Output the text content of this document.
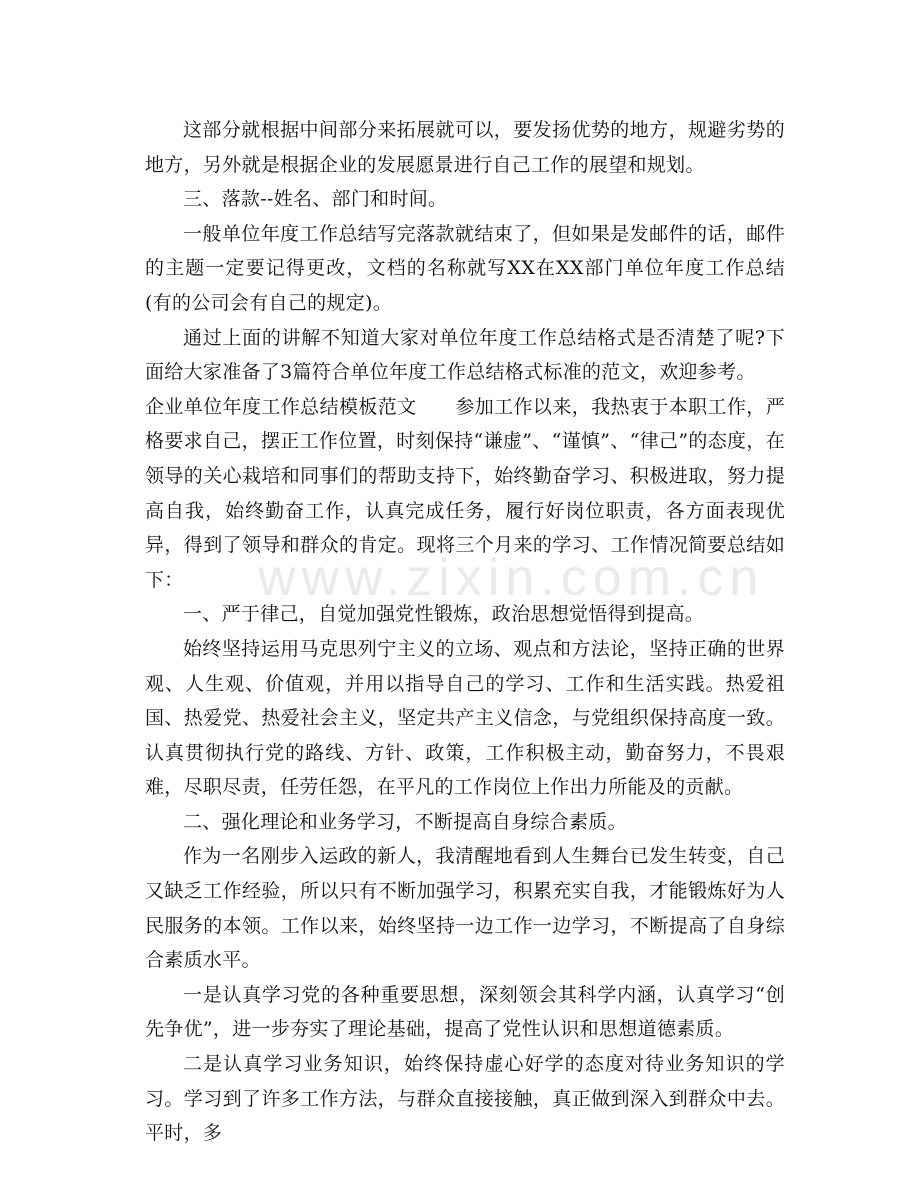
这部分就根据中间部分来拓展就可以，要发扬优势的地方，规避劣势的地方，另外就是根据企业的发展愿景进行自己工作的展望和规划。

三、落款--姓名、部门和时间。

一般单位年度工作总结写完落款就结束了，但如果是发邮件的话，邮件的主题一定要记得更改，文档的名称就写XX在XX部门单位年度工作总结(有的公司会有自己的规定)。

通过上面的讲解不知道大家对单位年度工作总结格式是否清楚了呢?下面给大家准备了3篇符合单位年度工作总结格式标准的范文，欢迎参考。

企业单位年度工作总结模板范文　　参加工作以来，我热衷于本职工作，严格要求自己，摆正工作位置，时刻保持“谦虚”、“谨慎”、“律己”的态度，在领导的关心栽培和同事们的帮助支持下，始终勤奋学习、积极进取，努力提高自我，始终勤奋工作，认真完成任务，履行好岗位职责，各方面表现优异，得到了领导和群众的肯定。现将三个月来的学习、工作情况简要总结如下：

一、严于律己，自觉加强党性锻炼，政治思想觉悟得到提高。

始终坚持运用马克思列宁主义的立场、观点和方法论，坚持正确的世界观、人生观、价值观，并用以指导自己的学习、工作和生活实践。热爱祖国、热爱党、热爱社会主义，坚定共产主义信念，与党组织保持高度一致。认真贯彻执行党的路线、方针、政策，工作积极主动，勤奋努力，不畏艰难，尽职尽责，任劳任怨，在平凡的工作岗位上作出力所能及的贡献。

二、强化理论和业务学习，不断提高自身综合素质。

作为一名刚步入运政的新人，我清醒地看到人生舞台已发生转变，自己又缺乏工作经验，所以只有不断加强学习，积累充实自我，才能锻炼好为人民服务的本领。工作以来，始终坚持一边工作一边学习，不断提高了自身综合素质水平。

一是认真学习党的各种重要思想，深刻领会其科学内涵，认真学习“创先争优”，进一步夯实了理论基础，提高了党性认识和思想道德素质。

二是认真学习业务知识，始终保持虚心好学的态度对待业务知识的学习。学习到了许多工作方法，与群众直接接触，真正做到深入到群众中去。平时，多

www.zixin.com.cn
